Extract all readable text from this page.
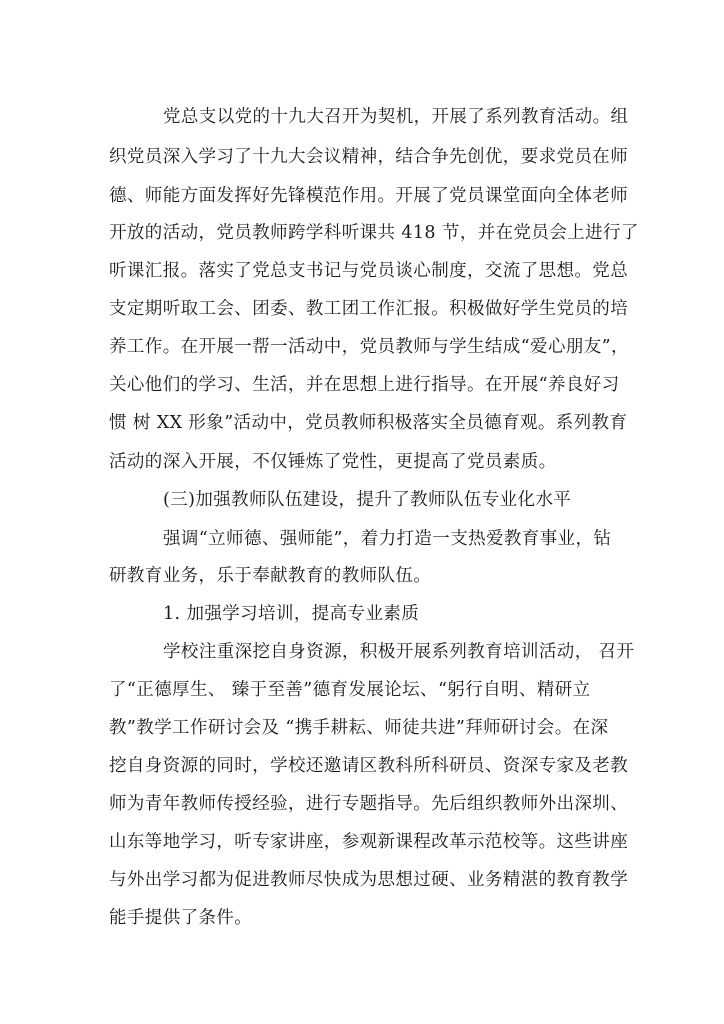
党总支以党的十九大召开为契机，开展了系列教育活动。组
织党员深入学习了十九大会议精神，结合争先创优，要求党员在师
德、师能方面发挥好先锋模范作用。开展了党员课堂面向全体老师
开放的活动，党员教师跨学科听课共 418 节，并在党员会上进行了
听课汇报。落实了党总支书记与党员谈心制度，交流了思想。党总
支定期听取工会、团委、教工团工作汇报。积极做好学生党员的培
养工作。在开展一帮一活动中，党员教师与学生结成“爱心朋友”，
关心他们的学习、生活，并在思想上进行指导。在开展“养良好习
惯 树 XX 形象”活动中，党员教师积极落实全员德育观。系列教育
活动的深入开展，不仅锤炼了党性，更提高了党员素质。
(三)加强教师队伍建设，提升了教师队伍专业化水平
强调“立师德、强师能”，着力打造一支热爱教育事业，钻
研教育业务，乐于奉献教育的教师队伍。
1. 加强学习培训，提高专业素质
学校注重深挖自身资源，积极开展系列教育培训活动， 召开
了“正德厚生、 臻于至善”德育发展论坛、“躬行自明、精研立
教”教学工作研讨会及 “携手耕耘、师徒共进”拜师研讨会。在深
挖自身资源的同时，学校还邀请区教科所科研员、资深专家及老教
师为青年教师传授经验，进行专题指导。先后组织教师外出深圳、
山东等地学习，听专家讲座，参观新课程改革示范校等。这些讲座
与外出学习都为促进教师尽快成为思想过硬、业务精湛的教育教学
能手提供了条件。
